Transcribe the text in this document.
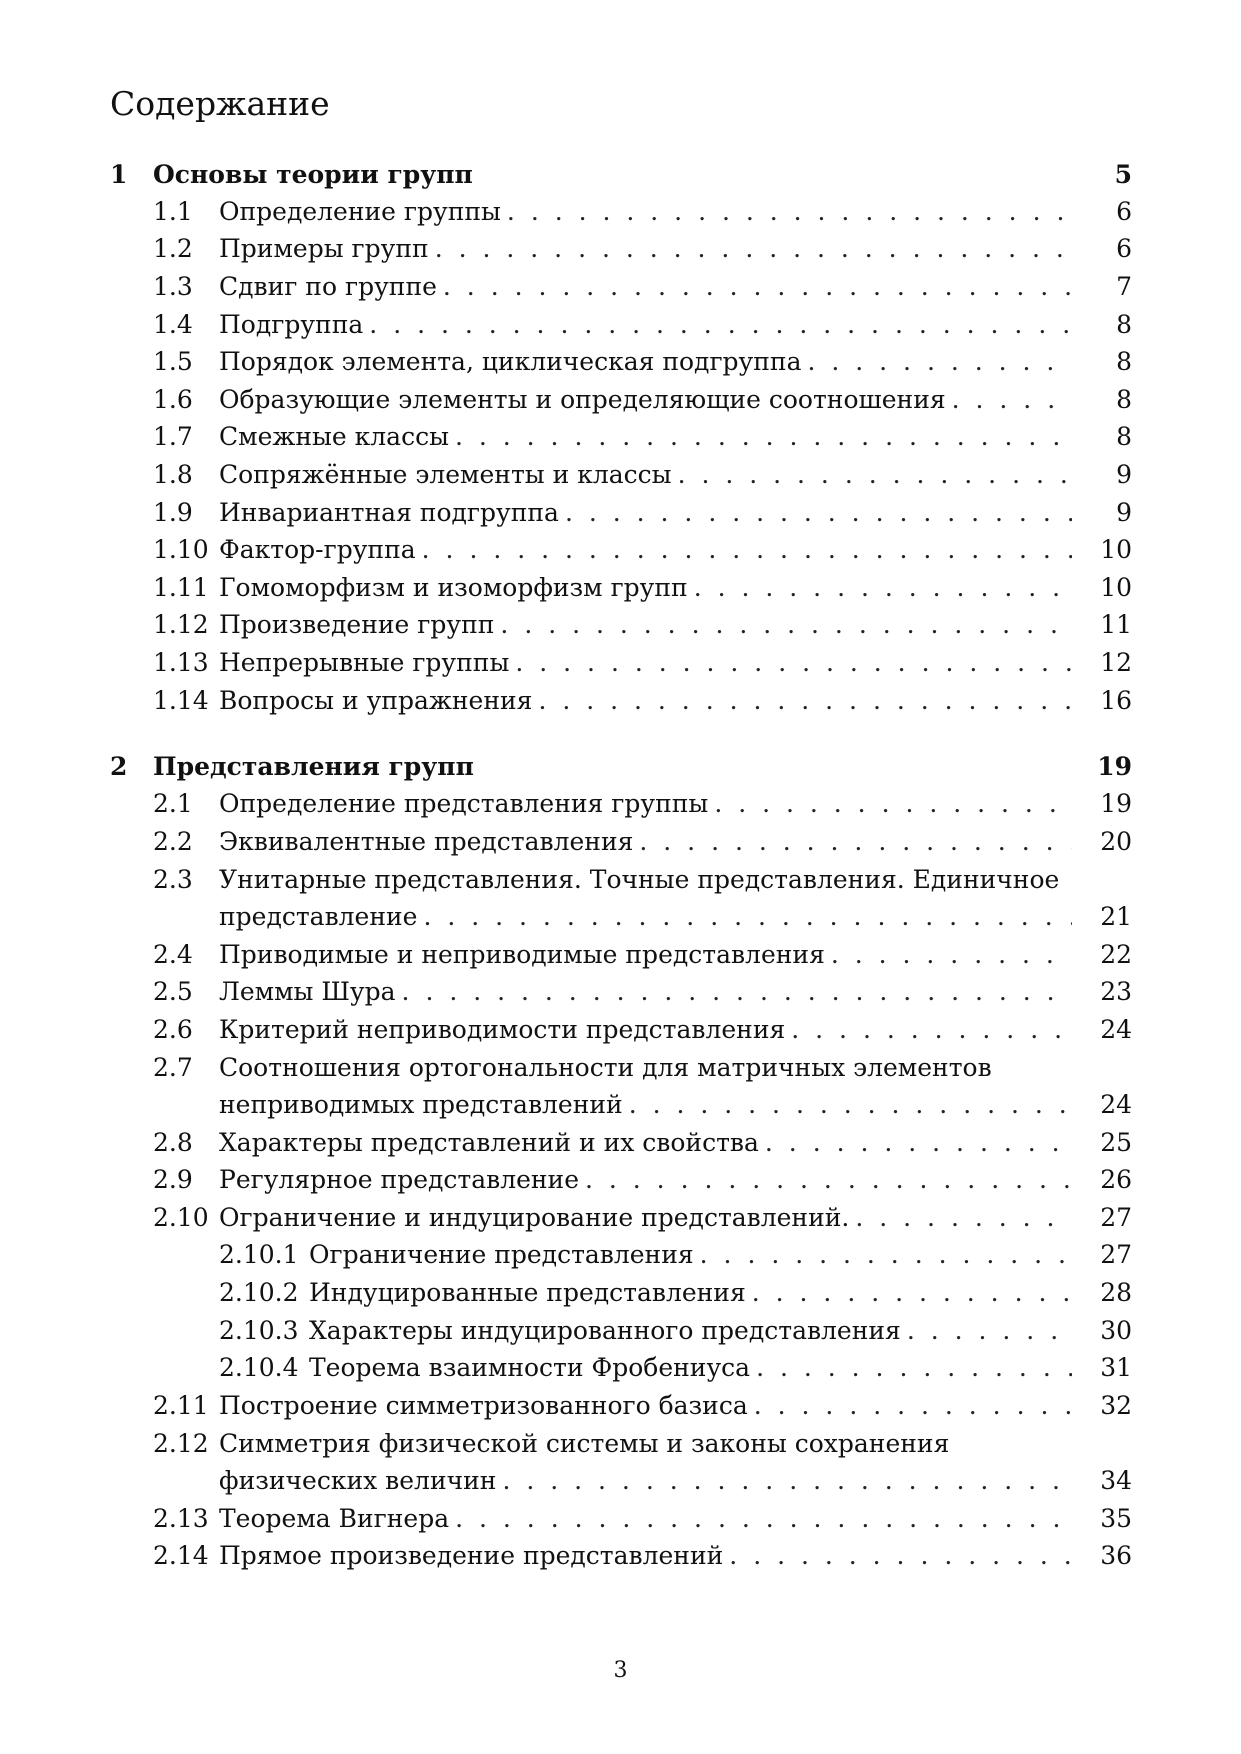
Содержание
1	Основы теории групп	5
1.1 Определение группы . . .	6
1.2 Примеры групп . . .	6
1.3 Сдвиг по группе . . .	7
1.4 Подгруппа . . .	8
1.5 Порядок элемента, циклическая подгруппа . . .	8
1.6 Образующие элементы и определяющие соотношения . . .	8
1.7 Смежные классы . . .	8
1.8 Сопряжённые элементы и классы . . .	9
1.9 Инвариантная подгруппа . . .	9
1.10 Фактор-группа . . .	10
1.11 Гомоморфизм и изоморфизм групп . . .	10
1.12 Произведение групп . . .	11
1.13 Непрерывные группы . . .	12
1.14 Вопросы и упражнения . . .	16
2	Представления групп	19
2.1 Определение представления группы . . .	19
2.2 Эквивалентные представления . . .	20
2.3 Унитарные представления. Точные представления. Единичное
представление . . .	21
2.4 Приводимые и неприводимые представления . . .	22
2.5 Леммы Шура . . .	23
2.6 Критерий неприводимости представления . . .	24
2.7 Соотношения ортогональности для матричных элементов
неприводимых представлений . . .	24
2.8 Характеры представлений и их свойства . . .	25
2.9 Регулярное представление . . .	26
2.10 Ограничение и индуцирование представлений. . . .	27
2.10.1 Ограничение представления . . .	27
2.10.2 Индуцированные представления . . .	28
2.10.3 Характеры индуцированного представления . . .	30
2.10.4 Теорема взаимности Фробениуса . . .	31
2.11 Построение симметризованного базиса . . .	32
2.12 Симметрия физической системы и законы сохранения
физических величин . . .	34
2.13 Теорема Вигнера . . .	35
2.14 Прямое произведение представлений . . .	36
3
